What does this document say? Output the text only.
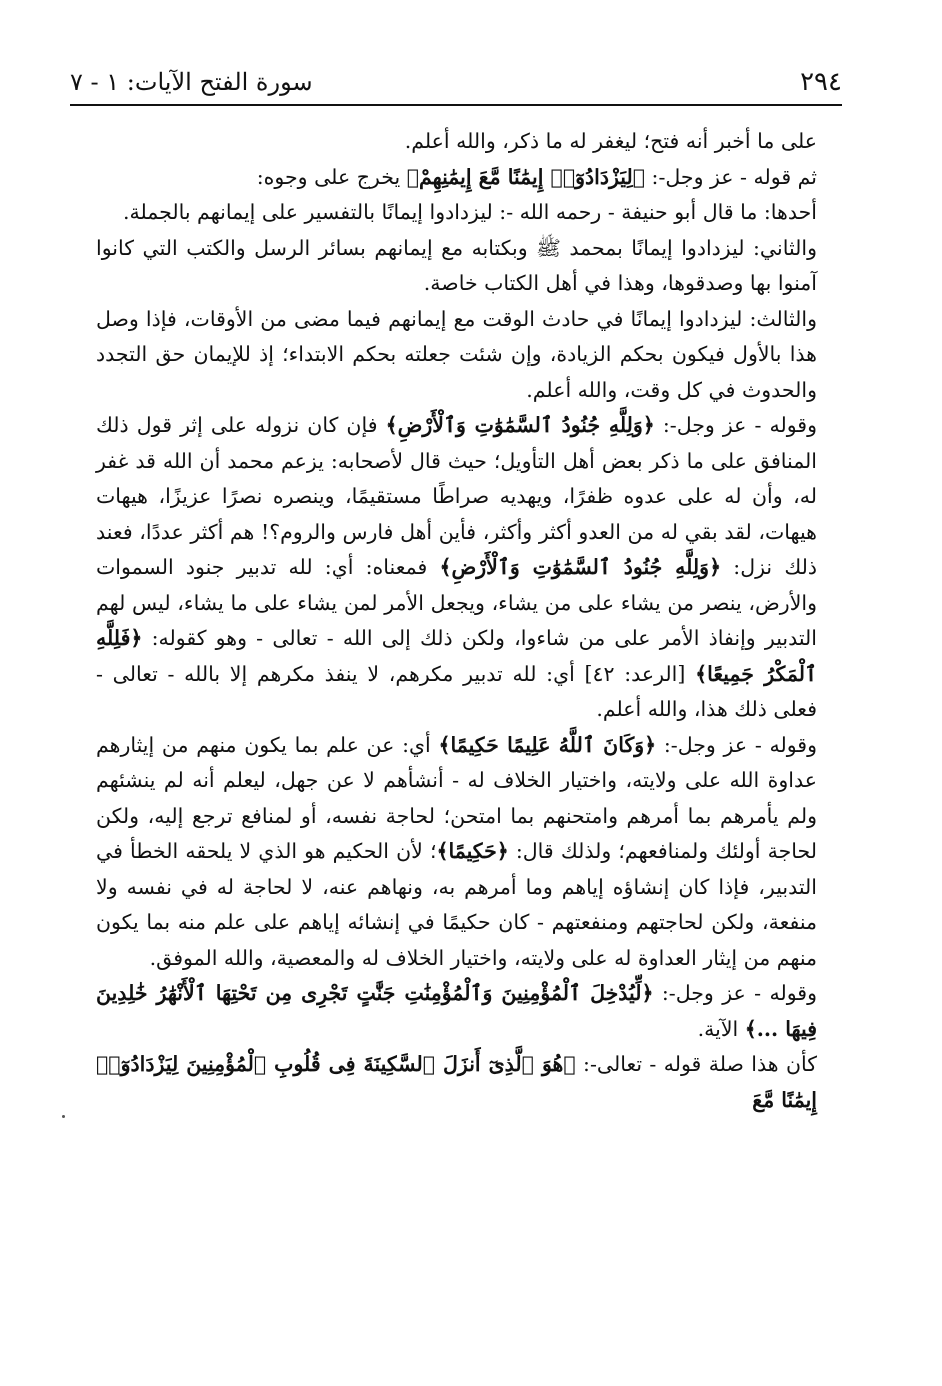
٢٩٤
سورة الفتح الآيات: ١ - ٧

على ما أخبر أنه فتح؛ ليغفر له ما ذكر، والله أعلم.

ثم قوله - عز وجل-: ﴿لِيَزْدَادُوٓا۟ إِيمَٰنًا مَّعَ إِيمَٰنِهِمْ﴾ يخرج على وجوه:

أحدها: ما قال أبو حنيفة - رحمه الله -: ليزدادوا إيمانًا بالتفسير على إيمانهم بالجملة.

والثاني: ليزدادوا إيمانًا بمحمد ﷺ وبكتابه مع إيمانهم بسائر الرسل والكتب التي كانوا آمنوا بها وصدقوها، وهذا في أهل الكتاب خاصة.

والثالث: ليزدادوا إيمانًا في حادث الوقت مع إيمانهم فيما مضى من الأوقات، فإذا وصل هذا بالأول فيكون بحكم الزيادة، وإن شئت جعلته بحكم الابتداء؛ إذ للإيمان حق التجدد والحدوث في كل وقت، والله أعلم.

وقوله - عز وجل-: ﴿وَلِلَّهِ جُنُودُ ٱلسَّمَٰوَٰتِ وَٱلْأَرْضِ﴾ فإن كان نزوله على إثر قول ذلك المنافق على ما ذكر بعض أهل التأويل؛ حيث قال لأصحابه: يزعم محمد أن الله قد غفر له، وأن له على عدوه ظفرًا، ويهديه صراطًا مستقيمًا، وينصره نصرًا عزيزًا، هيهات هيهات، لقد بقي له من العدو أكثر وأكثر، فأين أهل فارس والروم؟! هم أكثر عددًا، فعند ذلك نزل: ﴿وَلِلَّهِ جُنُودُ ٱلسَّمَٰوَٰتِ وَٱلْأَرْضِ﴾ فمعناه: أي: لله تدبير جنود السموات والأرض، ينصر من يشاء على من يشاء، ويجعل الأمر لمن يشاء على ما يشاء، ليس لهم التدبير وإنفاذ الأمر على من شاءوا، ولكن ذلك إلى الله - تعالى - وهو كقوله: ﴿فَلِلَّهِ ٱلْمَكْرُ جَمِيعًا﴾ [الرعد: ٤٢] أي: لله تدبير مكرهم، لا ينفذ مكرهم إلا بالله - تعالى - فعلى ذلك هذا، والله أعلم.

وقوله - عز وجل-: ﴿وَكَانَ ٱللَّهُ عَلِيمًا حَكِيمًا﴾ أي: عن علم بما يكون منهم من إيثارهم عداوة الله على ولايته، واختيار الخلاف له - أنشأهم لا عن جهل، ليعلم أنه لم ينشئهم ولم يأمرهم بما أمرهم وامتحنهم بما امتحن؛ لحاجة نفسه، أو لمنافع ترجع إليه، ولكن لحاجة أولئك ولمنافعهم؛ ولذلك قال: ﴿حَكِيمًا﴾؛ لأن الحكيم هو الذي لا يلحقه الخطأ في التدبير، فإذا كان إنشاؤه إياهم وما أمرهم به، ونهاهم عنه، لا لحاجة له في نفسه ولا منفعة، ولكن لحاجتهم ومنفعتهم - كان حكيمًا في إنشائه إياهم على علم منه بما يكون منهم من إيثار العداوة له على ولايته، واختيار الخلاف له والمعصية، والله الموفق.

وقوله - عز وجل-: ﴿لِّيُدْخِلَ ٱلْمُؤْمِنِينَ وَٱلْمُؤْمِنَٰتِ جَنَّٰتٍ تَجْرِى مِن تَحْتِهَا ٱلْأَنْهَٰرُ خَٰلِدِينَ فِيهَا ...﴾ الآية.

كأن هذا صلة قوله - تعالى-: ﴿هُوَ ٱلَّذِىٓ أَنزَلَ ٱلسَّكِينَةَ فِى قُلُوبِ ٱلْمُؤْمِنِينَ لِيَزْدَادُوٓا۟ إِيمَٰنًا مَّعَ
